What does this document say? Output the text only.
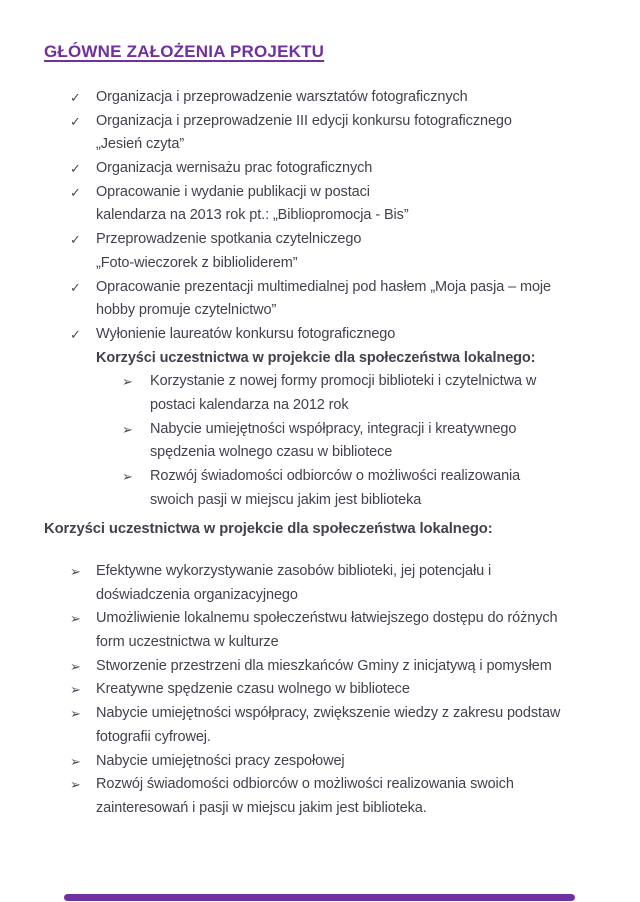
GŁÓWNE ZAŁOŻENIA PROJEKTU
✓ Organizacja i przeprowadzenie warsztatów fotograficznych
✓ Organizacja i przeprowadzenie III edycji konkursu fotograficznego
„Jesień czyta”
✓ Organizacja wernisażu prac fotograficznych
✓ Opracowanie i wydanie publikacji w postaci
kalendarza na 2013 rok pt.: „Bibliopromocja - Bis”
✓ Przeprowadzenie spotkania czytelniczego
„Foto-wieczorek z biblioliderem”
✓ Opracowanie prezentacji multimedialnej pod hasłem „Moja pasja – moje
hobby promuje czytelnictwo”
✓ Wyłonienie laureatów konkursu fotograficznego
Korzyści uczestnictwa w projekcie dla społeczeństwa lokalnego:
➢ Korzystanie z nowej formy promocji biblioteki i czytelnictwa w
postaci kalendarza na 2012 rok
➢ Nabycie umiejętności współpracy, integracji i kreatywnego
spędzenia wolnego czasu w bibliotece
➢ Rozwój świadomości odbiorców o możliwości realizowania
swoich pasji w miejscu jakim jest biblioteka
Korzyści uczestnictwa w projekcie dla społeczeństwa lokalnego:
➢ Efektywne wykorzystywanie zasobów biblioteki, jej potencjału i
doświadczenia organizacyjnego
➢ Umożliwienie lokalnemu społeczeństwu łatwiejszego dostępu do różnych
form uczestnictwa w kulturze
➢ Stworzenie przestrzeni dla mieszkańców Gminy z inicjatywą i pomysłem
➢ Kreatywne spędzenie czasu wolnego w bibliotece
➢ Nabycie umiejętności współpracy, zwiększenie wiedzy z zakresu podstaw
fotografii cyfrowej.
➢ Nabycie umiejętności pracy zespołowej
➢ Rozwój świadomości odbiorców o możliwości realizowania swoich
zainteresowań i pasji w miejscu jakim jest biblioteka.
